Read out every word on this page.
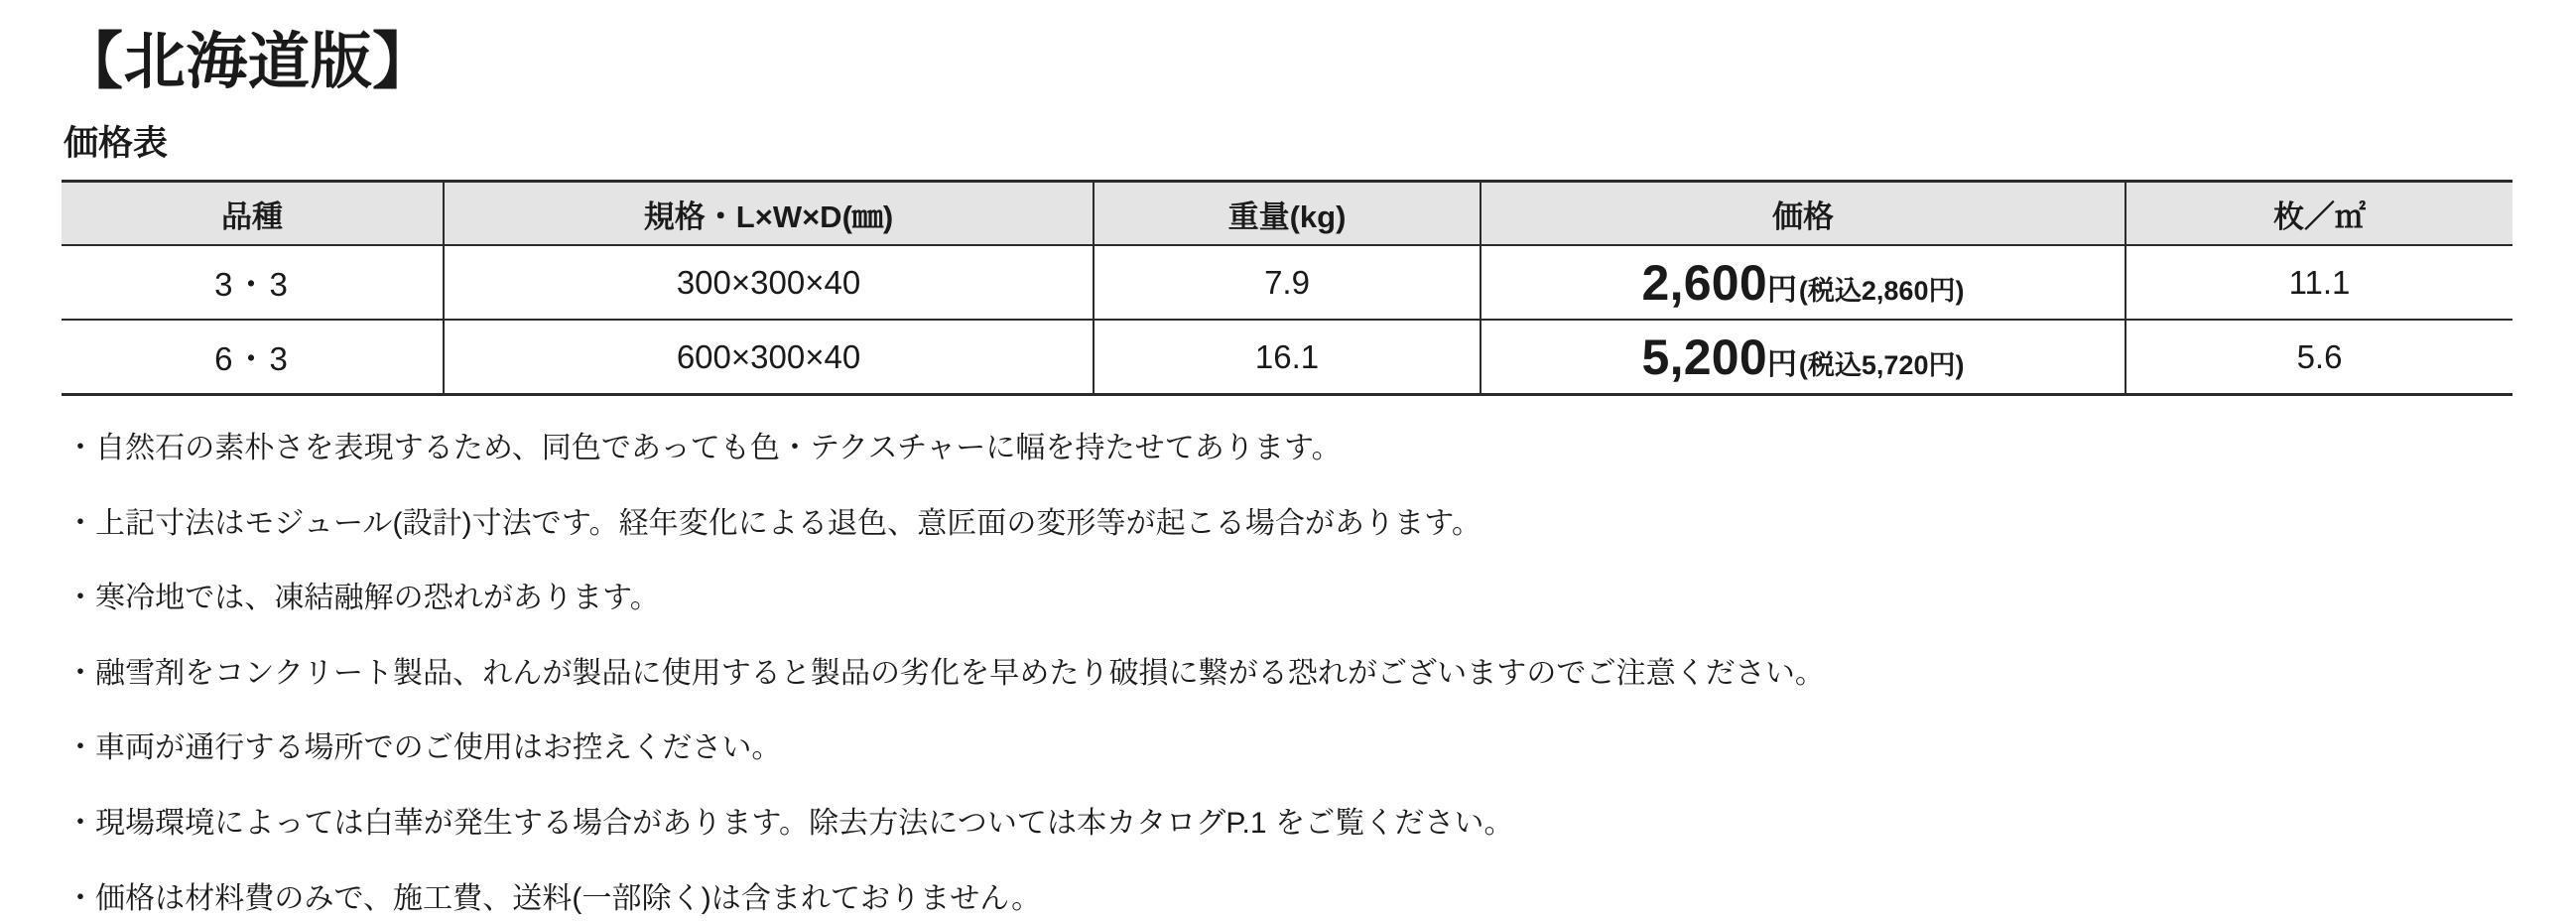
【北海道版】
価格表
品種	規格・L×W×D(㎜)	重量(kg)	価格	枚／㎡
3・3	300×300×40	7.9	2,600円(税込2,860円)	11.1
6・3	600×300×40	16.1	5,200円(税込5,720円)	5.6

・自然石の素朴さを表現するため、同色であっても色・テクスチャーに幅を持たせてあります。

・上記寸法はモジュール(設計)寸法です。経年変化による退色、意匠面の変形等が起こる場合があります。

・寒冷地では、凍結融解の恐れがあります。

・融雪剤をコンクリート製品、れんが製品に使用すると製品の劣化を早めたり破損に繋がる恐れがございますのでご注意ください。

・車両が通行する場所でのご使用はお控えください。

・現場環境によっては白華が発生する場合があります。除去方法については本カタログP.1 をご覧ください。

・価格は材料費のみで、施工費、送料(一部除く)は含まれておりません。
